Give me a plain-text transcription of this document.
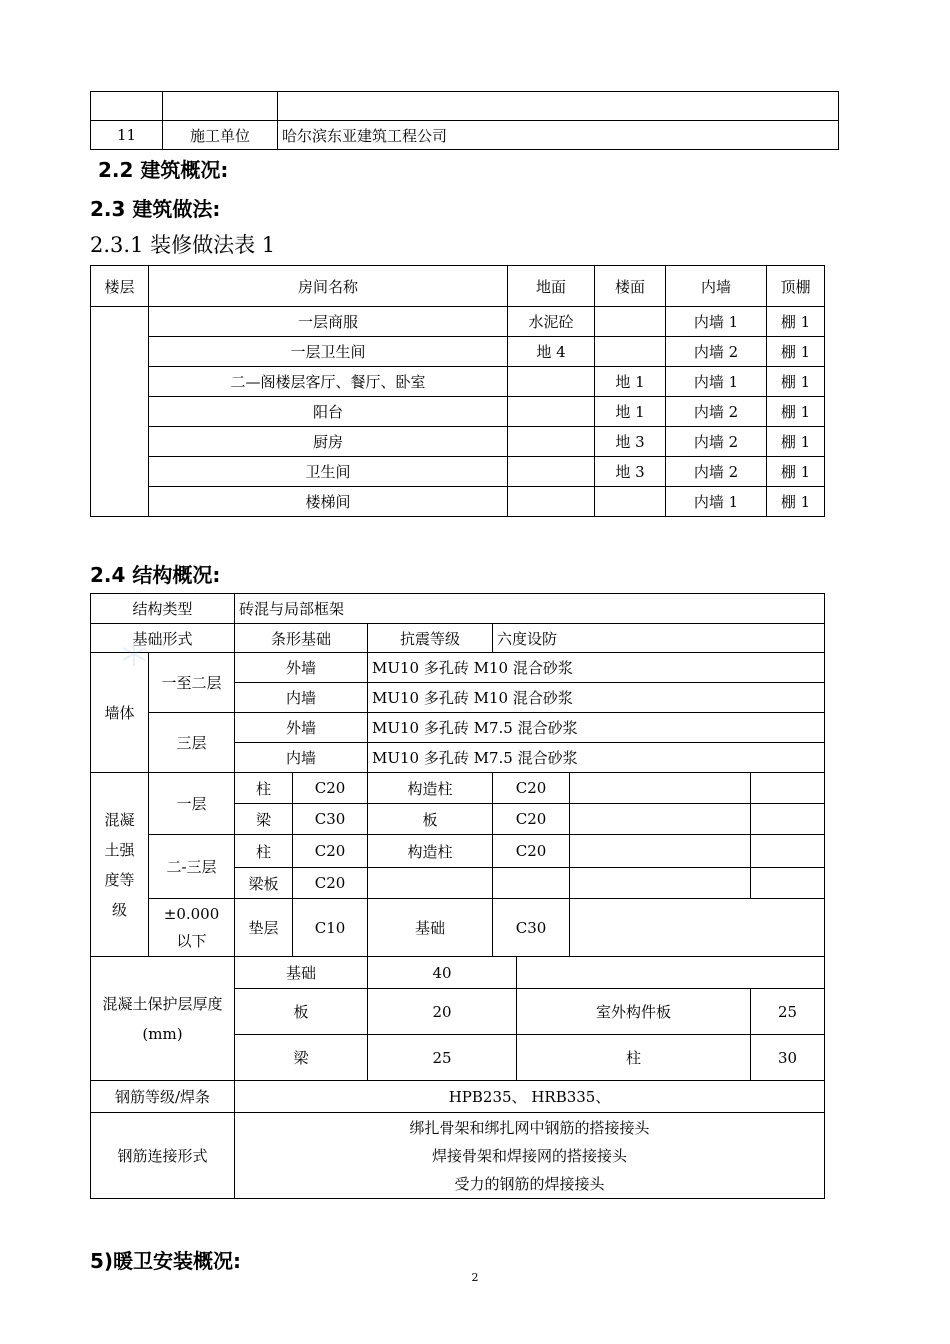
11	施工单位	哈尔滨东亚建筑工程公司
2.2 建筑概况:
2.3 建筑做法:
2.3.1 装修做法表 1
楼层	房间名称	地面	楼面	内墙	顶棚
	一层商服	水泥砼		内墙 1	棚 1
	一层卫生间	地 4		内墙 2	棚 1
	二—阁楼层客厅、餐厅、卧室		地 1	内墙 1	棚 1
	阳台		地 1	内墙 2	棚 1
	厨房		地 3	内墙 2	棚 1
	卫生间		地 3	内墙 2	棚 1
	楼梯间			内墙 1	棚 1
2.4 结构概况:
结构类型		砖混与局部框架						
基础形式		条形基础		抗震等级	六度设防			
墙体	一至二层	外墙		MU10 多孔砖 M10 混合砂浆				
		内墙		MU10 多孔砖 M10 混合砂浆				
	三层	外墙		MU10 多孔砖 M7.5 混合砂浆				
		内墙		MU10 多孔砖 M7.5 混合砂浆				
混凝土强度等级	一层	柱	C20	构造柱	C20			
		梁	C30	板	C20			
	二-三层	柱	C20	构造柱	C20			
		梁板	C20					
	±0.000 以下	垫层	C10	基础	C30			
混凝土保护层厚度(mm)		基础		40				
		板		20		室外构件板		25
		梁		25		柱		30
钢筋等级/焊条		HPB235、 HRB335、						
钢筋连接形式		绑扎骨架和绑扎网中钢筋的搭接接头
焊接骨架和焊接网的搭接接头
受力的钢筋的焊接接头						
5)暖卫安装概况:
2
